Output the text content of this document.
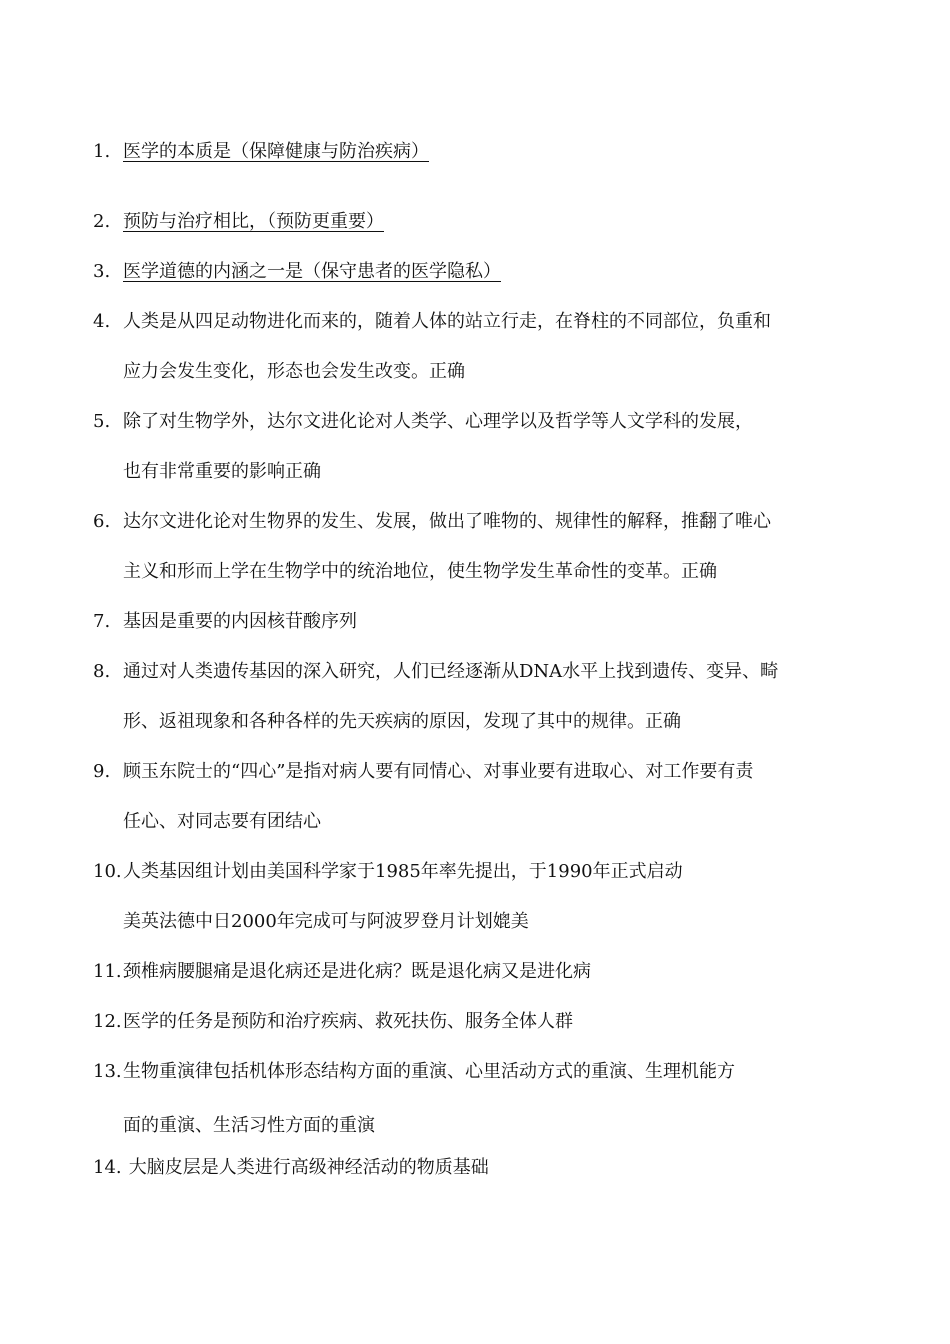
1. 医学的本质是（保障健康与防治疾病）
2. 预防与治疗相比，（预防更重要）
3. 医学道德的内涵之一是（保守患者的医学隐私）
4. 人类是从四足动物进化而来的，随着人体的站立行走，在脊柱的不同部位，负重和
应力会发生变化，形态也会发生改变。正确
5. 除了对生物学外，达尔文进化论对人类学、心理学以及哲学等人文学科的发展，
也有非常重要的影响正确
6. 达尔文进化论对生物界的发生、发展，做出了唯物的、规律性的解释，推翻了唯心
主义和形而上学在生物学中的统治地位，使生物学发生革命性的变革。正确
7. 基因是重要的内因核苷酸序列
8. 通过对人类遗传基因的深入研究，人们已经逐渐从DNA水平上找到遗传、变异、畸
形、返祖现象和各种各样的先天疾病的原因，发现了其中的规律。正确
9. 顾玉东院士的“四心”是指对病人要有同情心、对事业要有进取心、对工作要有责
任心、对同志要有团结心
10. 人类基因组计划由美国科学家于1985年率先提出，于1990年正式启动
美英法德中日2000年完成可与阿波罗登月计划媲美
11. 颈椎病腰腿痛是退化病还是进化病？既是退化病又是进化病
12. 医学的任务是预防和治疗疾病、救死扶伤、服务全体人群
13. 生物重演律包括机体形态结构方面的重演、心里活动方式的重演、生理机能方
面的重演、生活习性方面的重演
14. 大脑皮层是人类进行高级神经活动的物质基础
